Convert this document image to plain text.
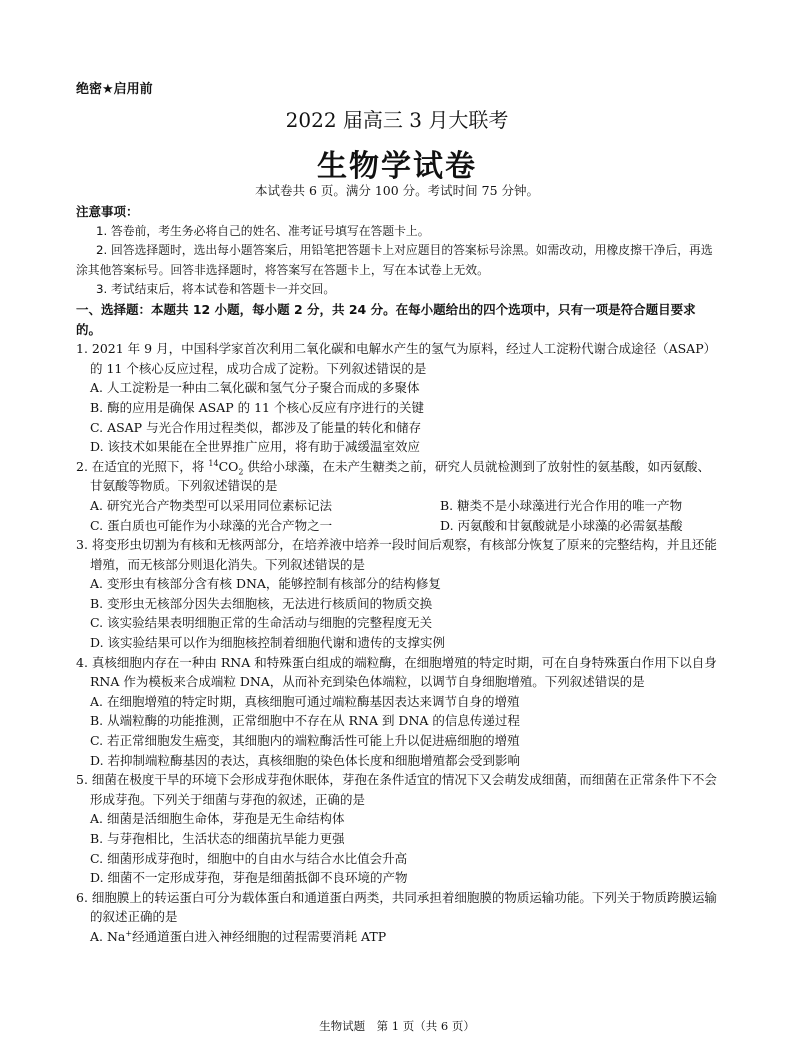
绝密★启用前
2022 届高三 3 月大联考
生物学试卷
本试卷共 6 页。满分 100 分。考试时间 75 分钟。
注意事项：
1. 答卷前，考生务必将自己的姓名、准考证号填写在答题卡上。
2. 回答选择题时，选出每小题答案后，用铅笔把答题卡上对应题目的答案标号涂黑。如需改动，用橡皮擦干净后，再选涂其他答案标号。回答非选择题时，将答案写在答题卡上，写在本试卷上无效。
3. 考试结束后，将本试卷和答题卡一并交回。
一、选择题：本题共 12 小题，每小题 2 分，共 24 分。在每小题给出的四个选项中，只有一项是符合题目要求的。
1. 2021 年 9 月，中国科学家首次利用二氧化碳和电解水产生的氢气为原料，经过人工淀粉代谢合成途径（ASAP）的 11 个核心反应过程，成功合成了淀粉。下列叙述错误的是
A. 人工淀粉是一种由二氧化碳和氢气分子聚合而成的多聚体
B. 酶的应用是确保 ASAP 的 11 个核心反应有序进行的关键
C. ASAP 与光合作用过程类似，都涉及了能量的转化和储存
D. 该技术如果能在全世界推广应用，将有助于减缓温室效应
2. 在适宜的光照下，将 $^{14}CO_2$ 供给小球藻，在未产生糖类之前，研究人员就检测到了放射性的氨基酸，如丙氨酸、甘氨酸等物质。下列叙述错误的是
A. 研究光合产物类型可以采用同位素标记法	B. 糖类不是小球藻进行光合作用的唯一产物
C. 蛋白质也可能作为小球藻的光合产物之一	D. 丙氨酸和甘氨酸就是小球藻的必需氨基酸
3. 将变形虫切割为有核和无核两部分，在培养液中培养一段时间后观察，有核部分恢复了原来的完整结构，并且还能增殖，而无核部分则退化消失。下列叙述错误的是
A. 变形虫有核部分含有核 DNA，能够控制有核部分的结构修复
B. 变形虫无核部分因失去细胞核，无法进行核质间的物质交换
C. 该实验结果表明细胞正常的生命活动与细胞的完整程度无关
D. 该实验结果可以作为细胞核控制着细胞代谢和遗传的支撑实例
4. 真核细胞内存在一种由 RNA 和特殊蛋白组成的端粒酶，在细胞增殖的特定时期，可在自身特殊蛋白作用下以自身 RNA 作为模板来合成端粒 DNA，从而补充到染色体端粒，以调节自身细胞增殖。下列叙述错误的是
A. 在细胞增殖的特定时期，真核细胞可通过端粒酶基因表达来调节自身的增殖
B. 从端粒酶的功能推测，正常细胞中不存在从 RNA 到 DNA 的信息传递过程
C. 若正常细胞发生癌变，其细胞内的端粒酶活性可能上升以促进癌细胞的增殖
D. 若抑制端粒酶基因的表达，真核细胞的染色体长度和细胞增殖都会受到影响
5. 细菌在极度干旱的环境下会形成芽孢休眠体，芽孢在条件适宜的情况下又会萌发成细菌，而细菌在正常条件下不会形成芽孢。下列关于细菌与芽孢的叙述，正确的是
A. 细菌是活细胞生命体，芽孢是无生命结构体
B. 与芽孢相比，生活状态的细菌抗旱能力更强
C. 细菌形成芽孢时，细胞中的自由水与结合水比值会升高
D. 细菌不一定形成芽孢，芽孢是细菌抵御不良环境的产物
6. 细胞膜上的转运蛋白可分为载体蛋白和通道蛋白两类，共同承担着细胞膜的物质运输功能。下列关于物质跨膜运输的叙述正确的是
A. Na+经通道蛋白进入神经细胞的过程需要消耗 ATP
生物试题　第 1 页（共 6 页）
